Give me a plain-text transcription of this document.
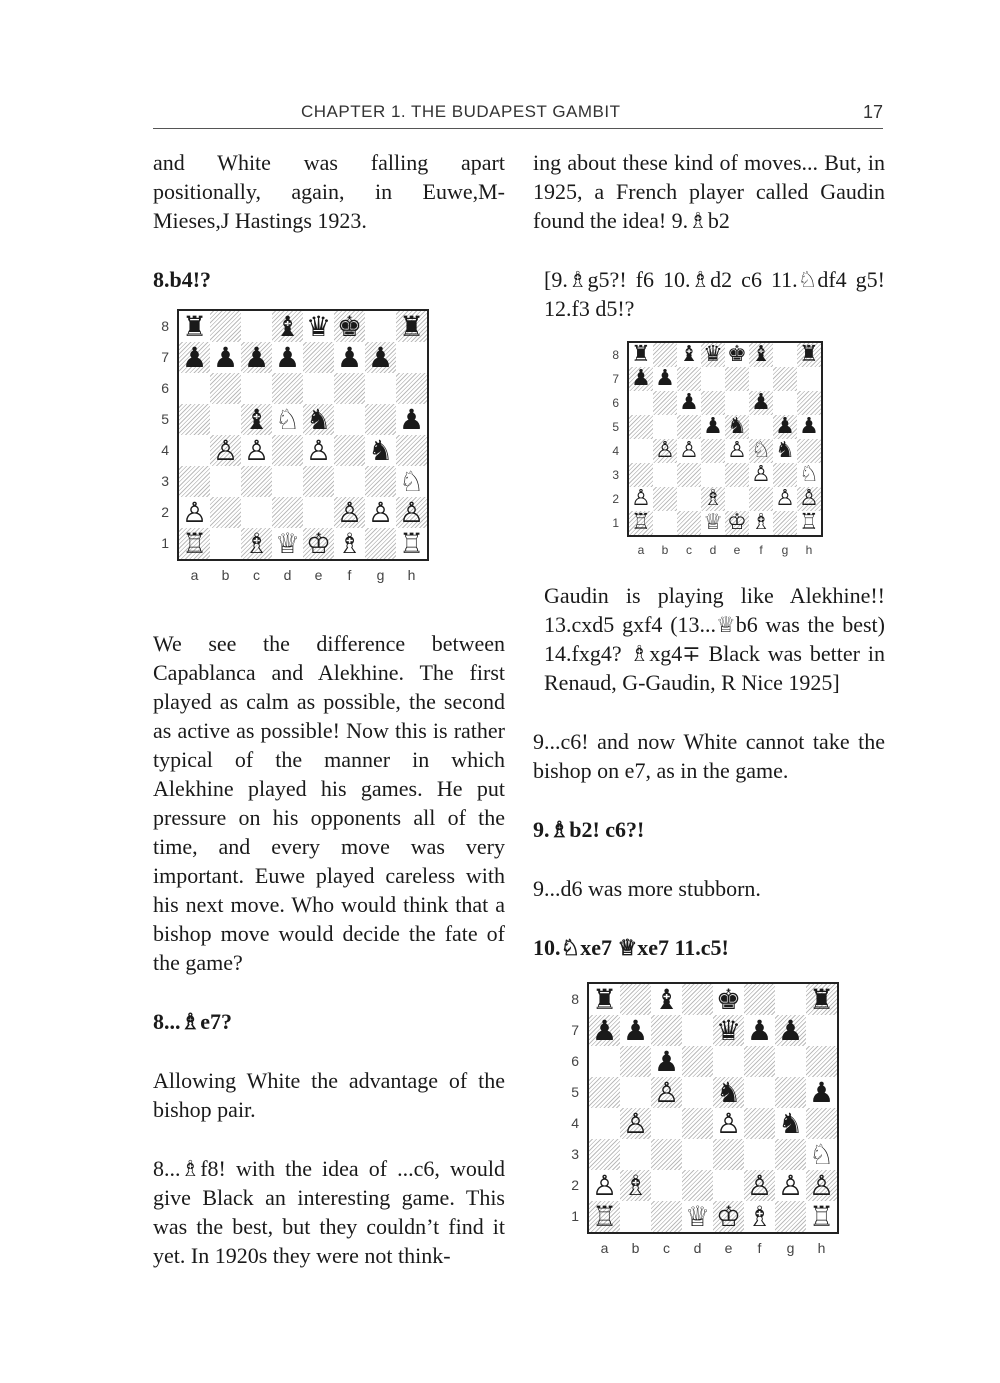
CHAPTER 1. THE BUDAPEST GAMBIT	17

and White was falling apart positionally, again, in Euwe,M-Mieses,J Hastings 1923.

8.b4!?

8
7
6
5
4
3
2
1
♜ ♝ ♛ ♚ ♜
♟ ♟ ♟ ♟ ♟ ♟
♝ ♘ ♞ ♟
♙ ♙ ♙ ♞
♘
♙	♙ ♙ ♙
♖ ♗ ♕ ♔ ♗ ♖
a	b	c	d	e	f	g	h

We see the difference between Capablanca and Alekhine. The first played as calm as possible, the second as active as possible! Now this is rather typical of the manner in which Alekhine played his games. He put pressure on his opponents all of the time, and every move was very important. Euwe played careless with his next move. Who would think that a bishop move would decide the fate of the game?

8...♗e7?

Allowing White the advantage of the bishop pair.

8...♗f8! with the idea of ...c6, would give Black an interesting game. This was the best, but they couldn’t find it yet. In 1920s they were not think-

ing about these kind of moves... But, in 1925, a French player called Gaudin found the idea! 9.♗b2

[9.♗g5?! f6 10.♗d2 c6 11.♘df4 g5! 12.f3 d5!?

8
7
6
5
4
3
2
1
♜ ♝ ♛ ♚ ♝ ♜
♟ ♟
♟ ♟
♟ ♞ ♟ ♟
♙ ♙ ♙ ♘ ♞
♙ ♘
♙ ♗ ♙ ♙
♖ ♕ ♔ ♗ ♖
a	b	c	d	e	f	g	h

Gaudin is playing like Alekhine!! 13.cxd5 gxf4 (13...♕b6 was the best) 14.fxg4? ♗xg4∓ Black was better in Renaud, G-Gaudin, R Nice 1925]

9...c6! and now White cannot take the bishop on e7, as in the game.

9.♗b2! c6?!

9...d6 was more stubborn.

10.♘xe7 ♕xe7 11.c5!

8
7
6
5
4
3
2
1
♜ ♝ ♚ ♜
♟ ♟ ♛ ♟ ♟
♟
♙ ♞ ♟
♙ ♙ ♞
♘
♙ ♗	♙ ♙ ♙
♖ ♕ ♔ ♗ ♖
a	b	c	d	e	f	g	h
